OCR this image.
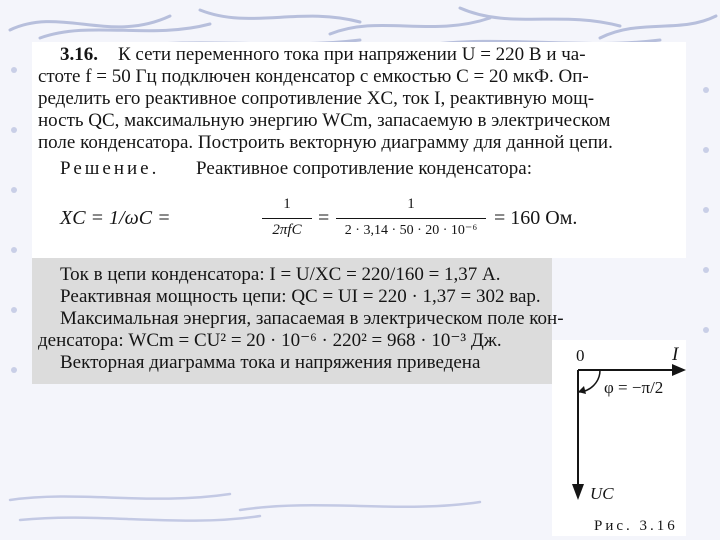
3.16. К сети переменного тока при напряжении U = 220 В и ча-
стоте f = 50 Гц подключен конденсатор с емкостью C = 20 мкФ. Оп-
ределить его реактивное сопротивление XC, ток I, реактивную мощ-
ность QC, максимальную энергию WCm, запасаемую в электрическом
поле конденсатора. Построить векторную диаграмму для данной цепи.
Решение. Реактивное сопротивление конденсатора:
XC = 1/ωC =
1
2πfC
=
1
2 · 3,14 · 50 · 20 · 10⁻⁶
= 160 Ом.
Ток в цепи конденсатора: I = U/XC = 220/160 = 1,37 А.
Реактивная мощность цепи: QC = UI = 220 · 1,37 = 302 вар.
Максимальная энергия, запасаемая в электрическом поле кон-
денсатора: WCm = CU² = 20 · 10⁻⁶ · 220² = 968 · 10⁻³ Дж.
Векторная диаграмма тока и напряжения приведена	0	I
UC
φ = −π/2
Рис. 3.16
